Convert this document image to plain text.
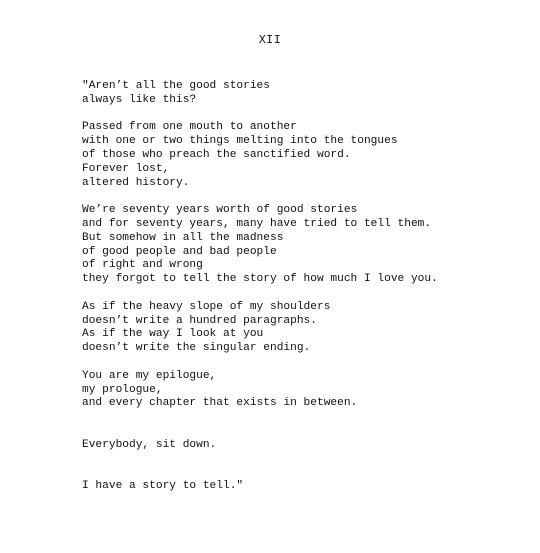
XII
"Aren’t all the good stories
always like this?
Passed from one mouth to another
with one or two things melting into the tongues
of those who preach the sanctified word.
Forever lost,
altered history.
We’re seventy years worth of good stories
and for seventy years, many have tried to tell them.
But somehow in all the madness
of good people and bad people
of right and wrong
they forgot to tell the story of how much I love you.
As if the heavy slope of my shoulders
doesn’t write a hundred paragraphs.
As if the way I look at you
doesn’t write the singular ending.
You are my epilogue,
my prologue,
and every chapter that exists in between.
Everybody, sit down.
I have a story to tell."
